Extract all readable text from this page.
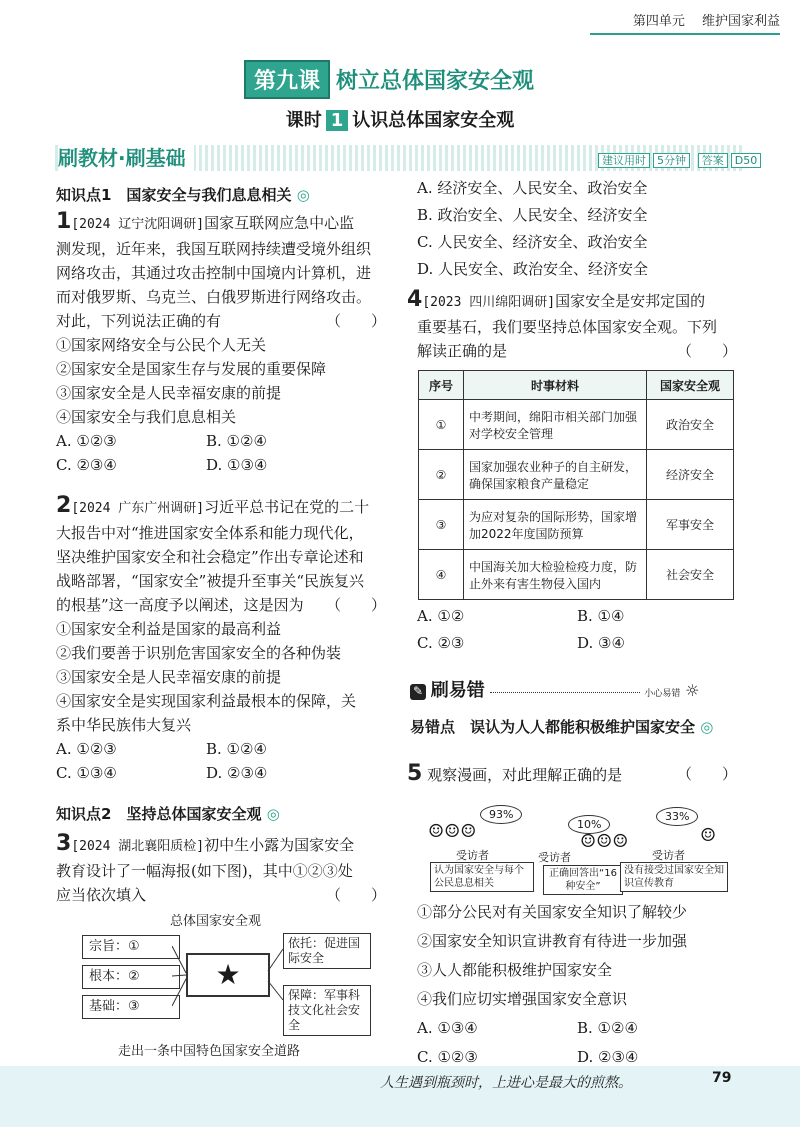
第四单元　 维护国家利益
第九课 树立总体国家安全观
课时 1 认识总体国家安全观
刷教材·刷基础	建议用时 5分钟 答案 D50
知识点1　国家安全与我们息息相关 ◎
1[2024 辽宁沈阳调研]国家互联网应急中心监
测发现，近年来，我国互联网持续遭受境外组织
网络攻击，其通过攻击控制中国境内计算机，进
而对俄罗斯、乌克兰、白俄罗斯进行网络攻击。
对此，下列说法正确的有	（　　）
①国家网络安全与公民个人无关
②国家安全是国家生存与发展的重要保障
③国家安全是人民幸福安康的前提
④国家安全与我们息息相关
A. ①②③	B. ①②④
C. ②③④	D. ①③④
2[2024 广东广州调研]习近平总书记在党的二十
大报告中对“推进国家安全体系和能力现代化，
坚决维护国家安全和社会稳定”作出专章论述和
战略部署，“国家安全”被提升至事关“民族复兴
的根基”这一高度予以阐述，这是因为 （　　）
①国家安全利益是国家的最高利益
②我们要善于识别危害国家安全的各种伪装
③国家安全是人民幸福安康的前提
④国家安全是实现国家利益最根本的保障，关
系中华民族伟大复兴
A. ①②③	B. ①②④
C. ①③④	D. ②③④
知识点2　坚持总体国家安全观 ◎
3[2024 湖北襄阳质检]初中生小露为国家安全
教育设计了一幅海报(如下图)，其中①②③处
应当依次填入	（　　）
总体国家安全观
宗旨：①
根本：②
基础：③
★
依托：促进国际安全
保障：军事科技文化社会安全
走出一条中国特色国家安全道路
A. 经济安全、人民安全、政治安全
B. 政治安全、人民安全、经济安全
C. 人民安全、经济安全、政治安全
D. 人民安全、政治安全、经济安全
4[2023 四川绵阳调研]国家安全是安邦定国的
重要基石，我们要坚持总体国家安全观。下列
解读正确的是	（　　）
序号	时事材料	国家安全观
①	中考期间，绵阳市相关部门加强对学校安全管理	政治安全
②	国家加强农业种子的自主研发，确保国家粮食产量稳定	经济安全
③	为应对复杂的国际形势，国家增加2022年度国防预算	军事安全
④	中国海关加大检验检疫力度，防止外来有害生物侵入国内	社会安全
A. ①②	B. ①④
C. ②③	D. ③④
✎ 刷易错	小心易错 ☼
易错点　误认为人人都能积极维护国家安全 ◎
5 观察漫画，对此理解正确的是	（　　）
93%
☺☺☺
受访者
认为国家安全与每个公民息息相关
10%
☺☺☺
受访者
正确回答出“16种安全”
33%
☺
受访者
没有接受过国家安全知识宣传教育
①部分公民对有关国家安全知识了解较少
②国家安全知识宣讲教育有待进一步加强
③人人都能积极维护国家安全
④我们应切实增强国家安全意识
A. ①③④	B. ①②④
C. ①②③	D. ②③④
人生遇到瓶颈时，上进心是最大的煎熬。	79
